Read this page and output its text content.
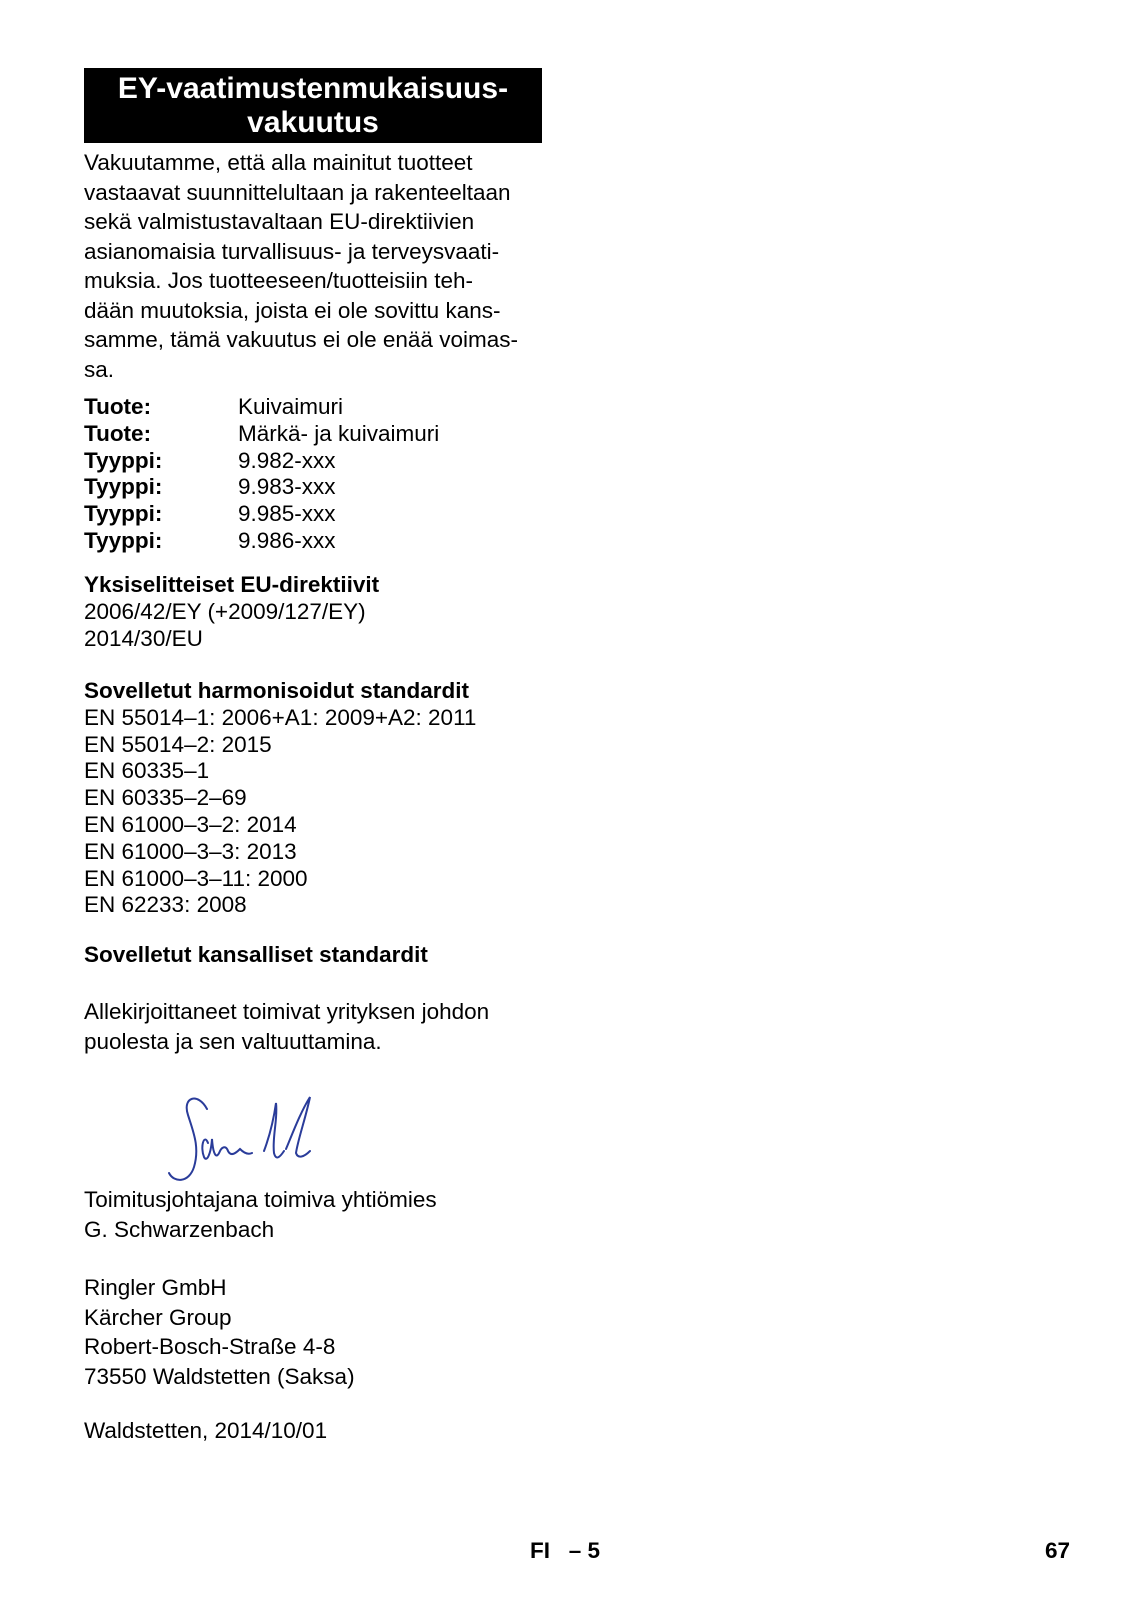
EY-vaatimustenmukaisuus-
vakuutus
Vakuutamme, että alla mainitut tuotteet
vastaavat suunnittelultaan ja rakenteeltaan
sekä valmistustavaltaan EU-direktiivien
asianomaisia turvallisuus- ja terveysvaati-
muksia. Jos tuotteeseen/tuotteisiin teh-
dään muutoksia, joista ei ole sovittu kans-
samme, tämä vakuutus ei ole enää voimas-
sa.
Tuote:	Kuivaimuri
Tuote:	Märkä- ja kuivaimuri
Tyyppi:	9.982-xxx
Tyyppi:	9.983-xxx
Tyyppi:	9.985-xxx
Tyyppi:	9.986-xxx
Yksiselitteiset EU-direktiivit
2006/42/EY (+2009/127/EY)
2014/30/EU
Sovelletut harmonisoidut standardit
EN 55014–1: 2006+A1: 2009+A2: 2011
EN 55014–2: 2015
EN 60335–1
EN 60335–2–69
EN 61000–3–2: 2014
EN 61000–3–3: 2013
EN 61000–3–11: 2000
EN 62233: 2008
Sovelletut kansalliset standardit
Allekirjoittaneet toimivat yrityksen johdon
puolesta ja sen valtuuttamina.
Toimitusjohtajana toimiva yhtiömies
G. Schwarzenbach
Ringler GmbH
Kärcher Group
Robert-Bosch-Straße 4-8
73550 Waldstetten (Saksa)
Waldstetten, 2014/10/01
FI   – 5	67
